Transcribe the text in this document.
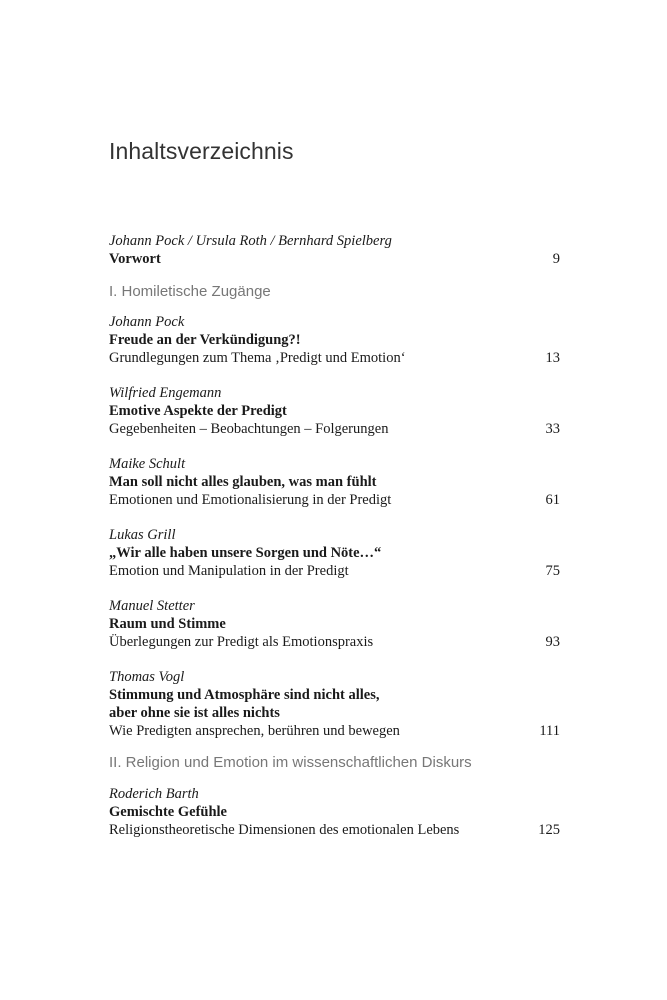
Inhaltsverzeichnis
Johann Pock / Ursula Roth / Bernhard Spielberg
Vorwort	9
I. Homiletische Zugänge
Johann Pock
Freude an der Verkündigung?!
Grundlegungen zum Thema ‚Predigt und Emotion‘	13
Wilfried Engemann
Emotive Aspekte der Predigt
Gegebenheiten – Beobachtungen – Folgerungen	33
Maike Schult
Man soll nicht alles glauben, was man fühlt
Emotionen und Emotionalisierung in der Predigt	61
Lukas Grill
„Wir alle haben unsere Sorgen und Nöte…“
Emotion und Manipulation in der Predigt	75
Manuel Stetter
Raum und Stimme
Überlegungen zur Predigt als Emotionspraxis	93
Thomas Vogl
Stimmung und Atmosphäre sind nicht alles,
aber ohne sie ist alles nichts
Wie Predigten ansprechen, berühren und bewegen	111
II. Religion und Emotion im wissenschaftlichen Diskurs
Roderich Barth
Gemischte Gefühle
Religionstheoretische Dimensionen des emotionalen Lebens	125
